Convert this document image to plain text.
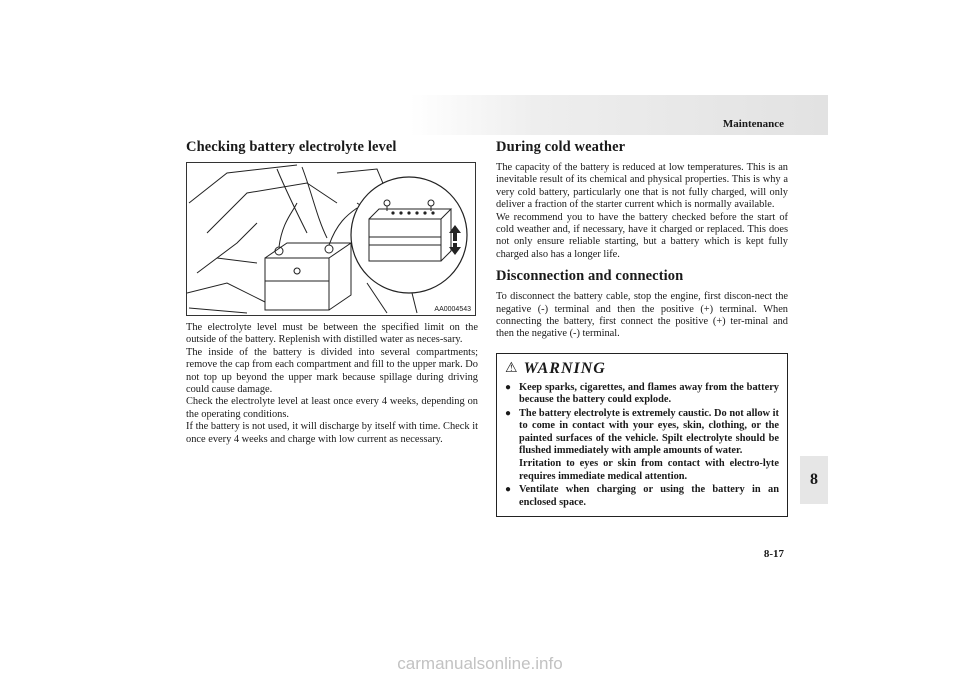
Maintenance
8
8-17
Checking battery electrolyte level
AA0004543

The electrolyte level must be between the specified limit on the outside of the battery. Replenish with distilled water as neces-sary.

The inside of the battery is divided into several compartments; remove the cap from each compartment and fill to the upper mark. Do not top up beyond the upper mark because spillage during driving could cause damage.

Check the electrolyte level at least once every 4 weeks, depending on the operating conditions.

If the battery is not used, it will discharge by itself with time. Check it once every 4 weeks and charge with low current as necessary.

During cold weather

The capacity of the battery is reduced at low temperatures. This is an inevitable result of its chemical and physical properties. This is why a very cold battery, particularly one that is not fully charged, will only deliver a fraction of the starter current which is normally available.

We recommend you to have the battery checked before the start of cold weather and, if necessary, have it charged or replaced. This does not only ensure reliable starting, but a battery which is kept fully charged also has a longer life.

Disconnection and connection

To disconnect the battery cable, stop the engine, first discon-nect the negative (-) terminal and then the positive (+) terminal. When connecting the battery, first connect the positive (+) ter-minal and then the negative (-) terminal.

⚠ WARNING
● Keep sparks, cigarettes, and flames away from the battery because the battery could explode.
● The battery electrolyte is extremely caustic. Do not allow it to come in contact with your eyes, skin, clothing, or the painted surfaces of the vehicle. Spilt electrolyte should be flushed immediately with ample amounts of water.
Irritation to eyes or skin from contact with electro-lyte requires immediate medical attention.
● Ventilate when charging or using the battery in an enclosed space.
carmanualsonline.info
